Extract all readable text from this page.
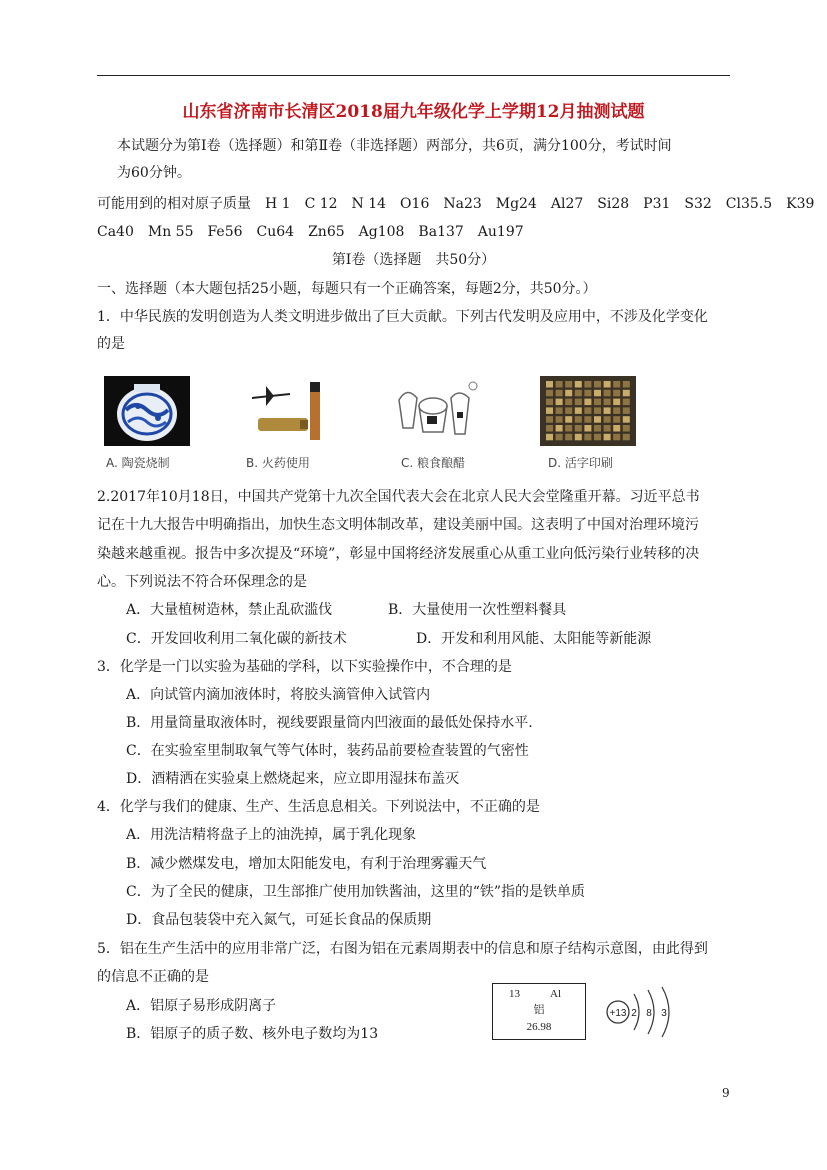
山东省济南市长清区2018届九年级化学上学期12月抽测试题
本试题分为第Ⅰ卷（选择题）和第Ⅱ卷（非选择题）两部分，共6页，满分100分，考试时间
为60分钟。
可能用到的相对原子质量　H 1　C 12　N 14　O16　Na23　Mg24　Al27　Si28　P31　S32　Cl35.5　K39
Ca40　Mn 55　Fe56　Cu64　Zn65　Ag108　Ba137　Au197
第Ⅰ卷（选择题　共50分）
一、选择题（本大题包括25小题，每题只有一个正确答案，每题2分，共50分。）
1．中华民族的发明创造为人类文明进步做出了巨大贡献。下列古代发明及应用中，不涉及化学变化
的是
A. 陶瓷烧制	B. 火药使用	C. 粮食酿醋	D. 活字印刷
2.2017年10月18日，中国共产党第十九次全国代表大会在北京人民大会堂隆重开幕。习近平总书
记在十九大报告中明确指出，加快生态文明体制改革，建设美丽中国。这表明了中国对治理环境污
染越来越重视。报告中多次提及“环境”，彰显中国将经济发展重心从重工业向低污染行业转移的决
心。下列说法不符合环保理念的是
A．大量植树造林，禁止乱砍滥伐	B．大量使用一次性塑料餐具
C．开发回收利用二氧化碳的新技术	D．开发和利用风能、太阳能等新能源
3．化学是一门以实验为基础的学科，以下实验操作中，不合理的是
A．向试管内滴加液体时，将胶头滴管伸入试管内
B．用量筒量取液体时，视线要跟量筒内凹液面的最低处保持水平.
C．在实验室里制取氧气等气体时，装药品前要检查装置的气密性
D．酒精洒在实验桌上燃烧起来，应立即用湿抹布盖灭
4．化学与我们的健康、生产、生活息息相关。下列说法中，不正确的是
A．用洗洁精将盘子上的油洗掉，属于乳化现象
B．减少燃煤发电，增加太阳能发电，有利于治理雾霾天气
C．为了全民的健康，卫生部推广使用加铁酱油，这里的“铁”指的是铁单质
D．食品包装袋中充入氮气，可延长食品的保质期
5．铝在生产生活中的应用非常广泛，右图为铝在元素周期表中的信息和原子结构示意图，由此得到
的信息不正确的是
A．铝原子易形成阴离子
B．铝原子的质子数、核外电子数均为13
13	Al
铝
26.98
+13 2 8 3
9
